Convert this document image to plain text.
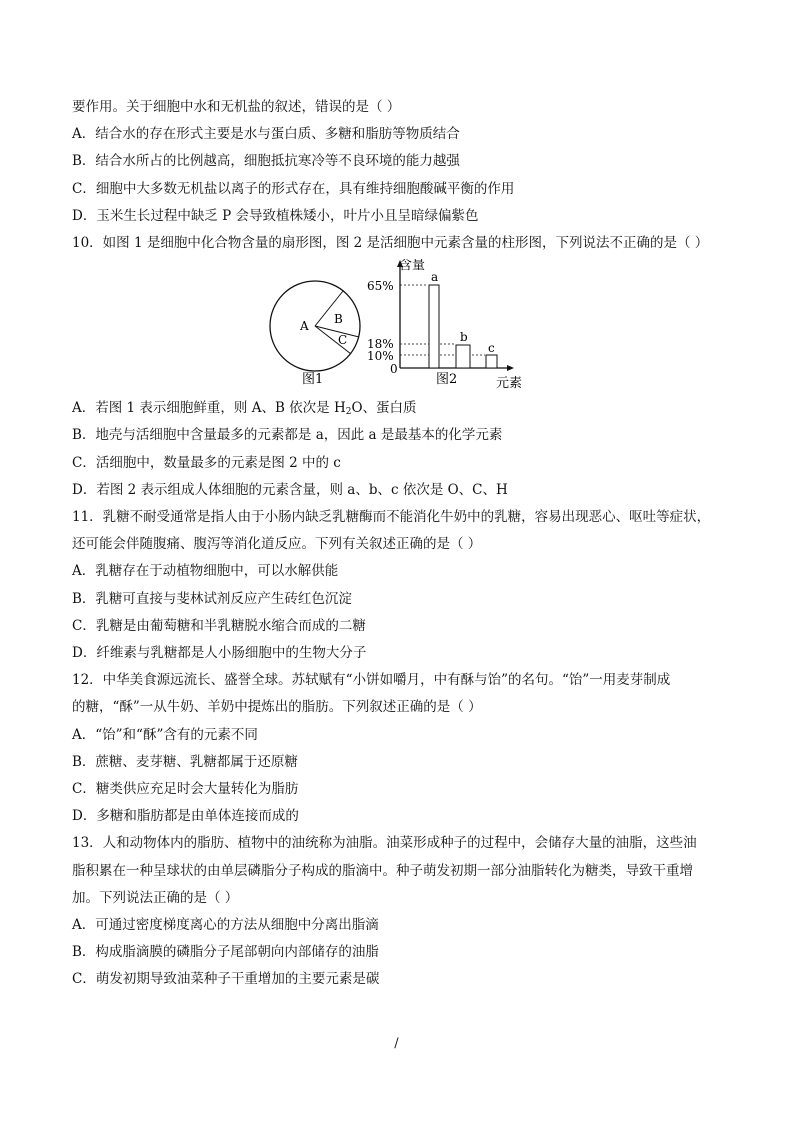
要作用。关于细胞中水和无机盐的叙述，错误的是（ ）
A．结合水的存在形式主要是水与蛋白质、多糖和脂肪等物质结合
B．结合水所占的比例越高，细胞抵抗寒冷等不良环境的能力越强
C．细胞中大多数无机盐以离子的形式存在，具有维持细胞酸碱平衡的作用
D．玉米生长过程中缺乏 P 会导致植株矮小，叶片小且呈暗绿偏紫色
10．如图 1 是细胞中化合物含量的扇形图，图 2 是活细胞中元素含量的柱形图，下列说法不正确的是（ ）
A B
C
图1
含量
元素
图2
65%
18%
10%
0
a
b
c
A．若图 1 表示细胞鲜重，则 A、B 依次是 $H_2O$、蛋白质
B．地壳与活细胞中含量最多的元素都是 a，因此 a 是最基本的化学元素
C．活细胞中，数量最多的元素是图 2 中的 c
D．若图 2 表示组成人体细胞的元素含量，则 a、b、c 依次是 O、C、H
11．乳糖不耐受通常是指人由于小肠内缺乏乳糖酶而不能消化牛奶中的乳糖，容易出现恶心、呕吐等症状，
还可能会伴随腹痛、腹泻等消化道反应。下列有关叙述正确的是（ ）
A．乳糖存在于动植物细胞中，可以水解供能
B．乳糖可直接与斐林试剂反应产生砖红色沉淀
C．乳糖是由葡萄糖和半乳糖脱水缩合而成的二糖
D．纤维素与乳糖都是人小肠细胞中的生物大分子
12．中华美食源远流长、盛誉全球。苏轼赋有“小饼如嚼月，中有酥与饴”的名句。“饴”一用麦芽制成
的糖，“酥”一从牛奶、羊奶中提炼出的脂肪。下列叙述正确的是（ ）
A．“饴”和“酥”含有的元素不同
B．蔗糖、麦芽糖、乳糖都属于还原糖
C．糖类供应充足时会大量转化为脂肪
D．多糖和脂肪都是由单体连接而成的
13．人和动物体内的脂肪、植物中的油统称为油脂。油菜形成种子的过程中，会储存大量的油脂，这些油
脂积累在一种呈球状的由单层磷脂分子构成的脂滴中。种子萌发初期一部分油脂转化为糖类，导致干重增
加。下列说法正确的是（ ）
A．可通过密度梯度离心的方法从细胞中分离出脂滴
B．构成脂滴膜的磷脂分子尾部朝向内部储存的油脂
C．萌发初期导致油菜种子干重增加的主要元素是碳
/
